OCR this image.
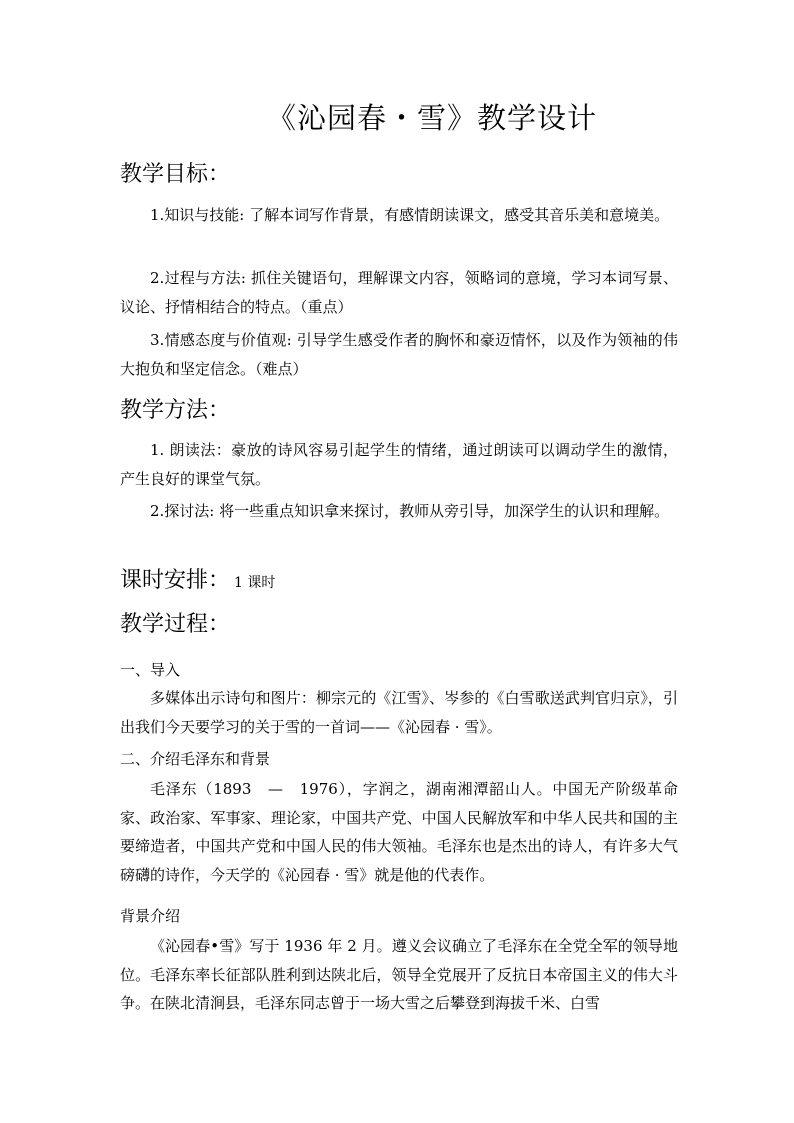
《沁园春・雪》教学设计
教学目标：

1.知识与技能: 了解本词写作背景，有感情朗读课文，感受其音乐美和意境美。

2.过程与方法: 抓住关键语句，理解课文内容，领略词的意境，学习本词写景、议论、抒情相结合的特点。（重点）

3.情感态度与价值观: 引导学生感受作者的胸怀和豪迈情怀，以及作为领袖的伟大抱负和坚定信念。（难点）

教学方法：

1. 朗读法：豪放的诗风容易引起学生的情绪，通过朗读可以调动学生的激情，产生良好的课堂气氛。

2.探讨法: 将一些重点知识拿来探讨，教师从旁引导，加深学生的认识和理解。

课时安排： 1 课时
教学过程：
一、导入

多媒体出示诗句和图片：柳宗元的《江雪》、岑参的《白雪歌送武判官归京》，引出我们今天要学习的关于雪的一首词——《沁园春 · 雪》。

二、介绍毛泽东和背景

毛泽东（1893　—　1976），字润之，湖南湘潭韶山人。中国无产阶级革命家、政治家、军事家、理论家，中国共产党、中国人民解放军和中华人民共和国的主要缔造者，中国共产党和中国人民的伟大领袖。毛泽东也是杰出的诗人，有许多大气磅礴的诗作，今天学的《沁园春 · 雪》就是他的代表作。

背景介绍

《沁园春•雪》写于 1936 年 2 月。遵义会议确立了毛泽东在全党全军的领导地位。毛泽东率长征部队胜利到达陕北后，领导全党展开了反抗日本帝国主义的伟大斗争。在陕北清涧县，毛泽东同志曾于一场大雪之后攀登到海拔千米、白雪
